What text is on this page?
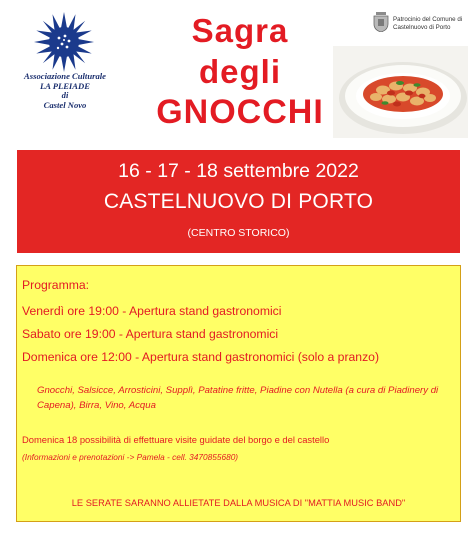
Associazione Culturale
LA PLEIADE
di
Castel Novo
Sagra
degli
GNOCCHI
Patrocinio del Comune di
Castelnuovo di Porto
16 - 17 - 18 settembre 2022
CASTELNUOVO DI PORTO
(CENTRO STORICO)
Programma:
Venerdì ore 19:00 - Apertura stand gastronomici
Sabato ore 19:00 - Apertura stand gastronomici
Domenica ore 12:00 - Apertura stand gastronomici (solo a pranzo)
Gnocchi, Salsicce, Arrosticini, Supplì, Patatine fritte, Piadine con Nutella (a cura di Piadinery di Capena), Birra, Vino, Acqua
Domenica 18 possibilità di effettuare visite guidate del borgo e del castello
(Informazioni e prenotazioni -> Pamela - cell. 3470855680)
LE SERATE SARANNO ALLIETATE DALLA MUSICA DI "MATTIA MUSIC BAND"
